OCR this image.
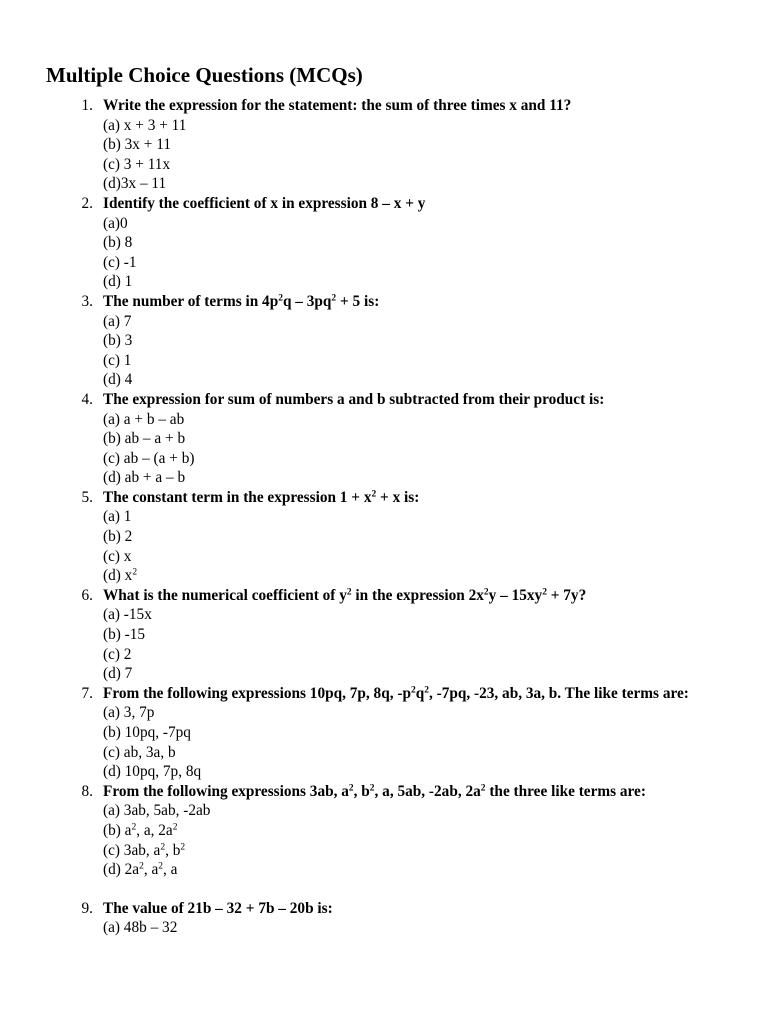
Multiple Choice Questions (MCQs)
1. Write the expression for the statement: the sum of three times x and 11?
(a) x + 3 + 11
(b) 3x + 11
(c) 3 + 11x
(d)3x – 11
2. Identify the coefficient of x in expression 8 – x + y
(a)0
(b) 8
(c) -1
(d) 1
3. The number of terms in $4p^2q - 3pq^2 + 5$ is:
(a) 7
(b) 3
(c) 1
(d) 4
4. The expression for sum of numbers a and b subtracted from their product is:
(a) a + b – ab
(b) ab – a + b
(c) ab – (a + b)
(d) ab + a – b
5. The constant term in the expression $1 + x^2 + x$ is:
(a) 1
(b) 2
(c) x
(d) $x^2$
6. What is the numerical coefficient of $y^2$ in the expression $2x^2y - 15xy^2 + 7y$?
(a) -15x
(b) -15
(c) 2
(d) 7
7. From the following expressions 10pq, 7p, 8q, $-p^2q^2$, -7pq, -23, ab, 3a, b. The like terms are:
(a) 3, 7p
(b) 10pq, -7pq
(c) ab, 3a, b
(d) 10pq, 7p, 8q
8. From the following expressions 3ab, $a^2$, $b^2$, a, 5ab, -2ab, $2a^2$ the three like terms are:
(a) 3ab, 5ab, -2ab
(b) $a^2$, a, $2a^2$
(c) 3ab, $a^2$, $b^2$
(d) $2a^2$, $a^2$, a
9. The value of 21b – 32 + 7b – 20b is:
(a) 48b – 32
